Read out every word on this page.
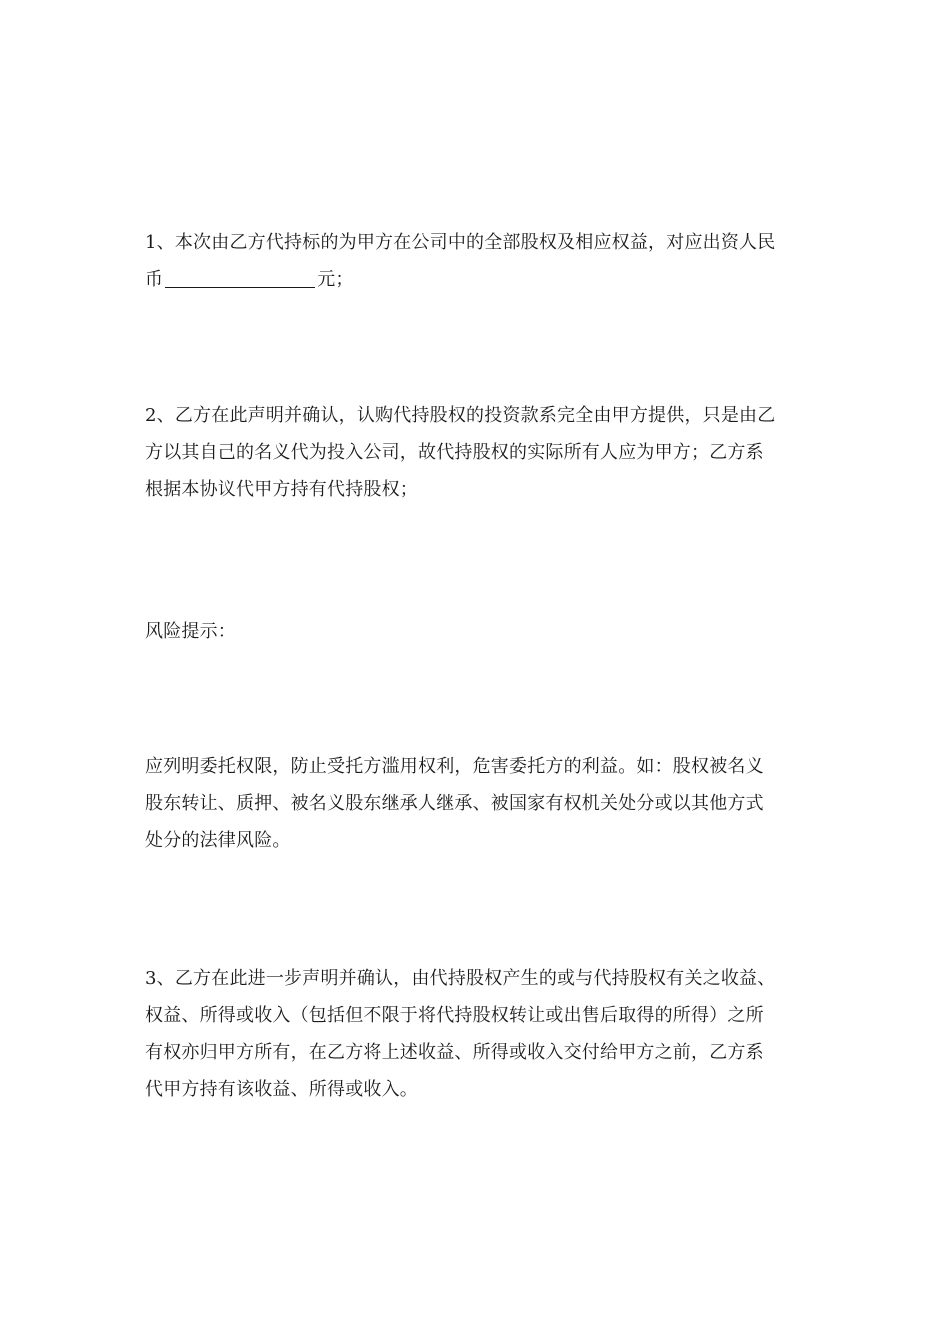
1、本次由乙方代持标的为甲方在公司中的全部股权及相应权益，对应出资人民
币	元；

2、乙方在此声明并确认，认购代持股权的投资款系完全由甲方提供，只是由乙
方以其自己的名义代为投入公司，故代持股权的实际所有人应为甲方；乙方系
根据本协议代甲方持有代持股权；

风险提示：

应列明委托权限，防止受托方滥用权利，危害委托方的利益。如：股权被名义
股东转让、质押、被名义股东继承人继承、被国家有权机关处分或以其他方式
处分的法律风险。

3、乙方在此进一步声明并确认，由代持股权产生的或与代持股权有关之收益、
权益、所得或收入（包括但不限于将代持股权转让或出售后取得的所得）之所
有权亦归甲方所有，在乙方将上述收益、所得或收入交付给甲方之前，乙方系
代甲方持有该收益、所得或收入。
